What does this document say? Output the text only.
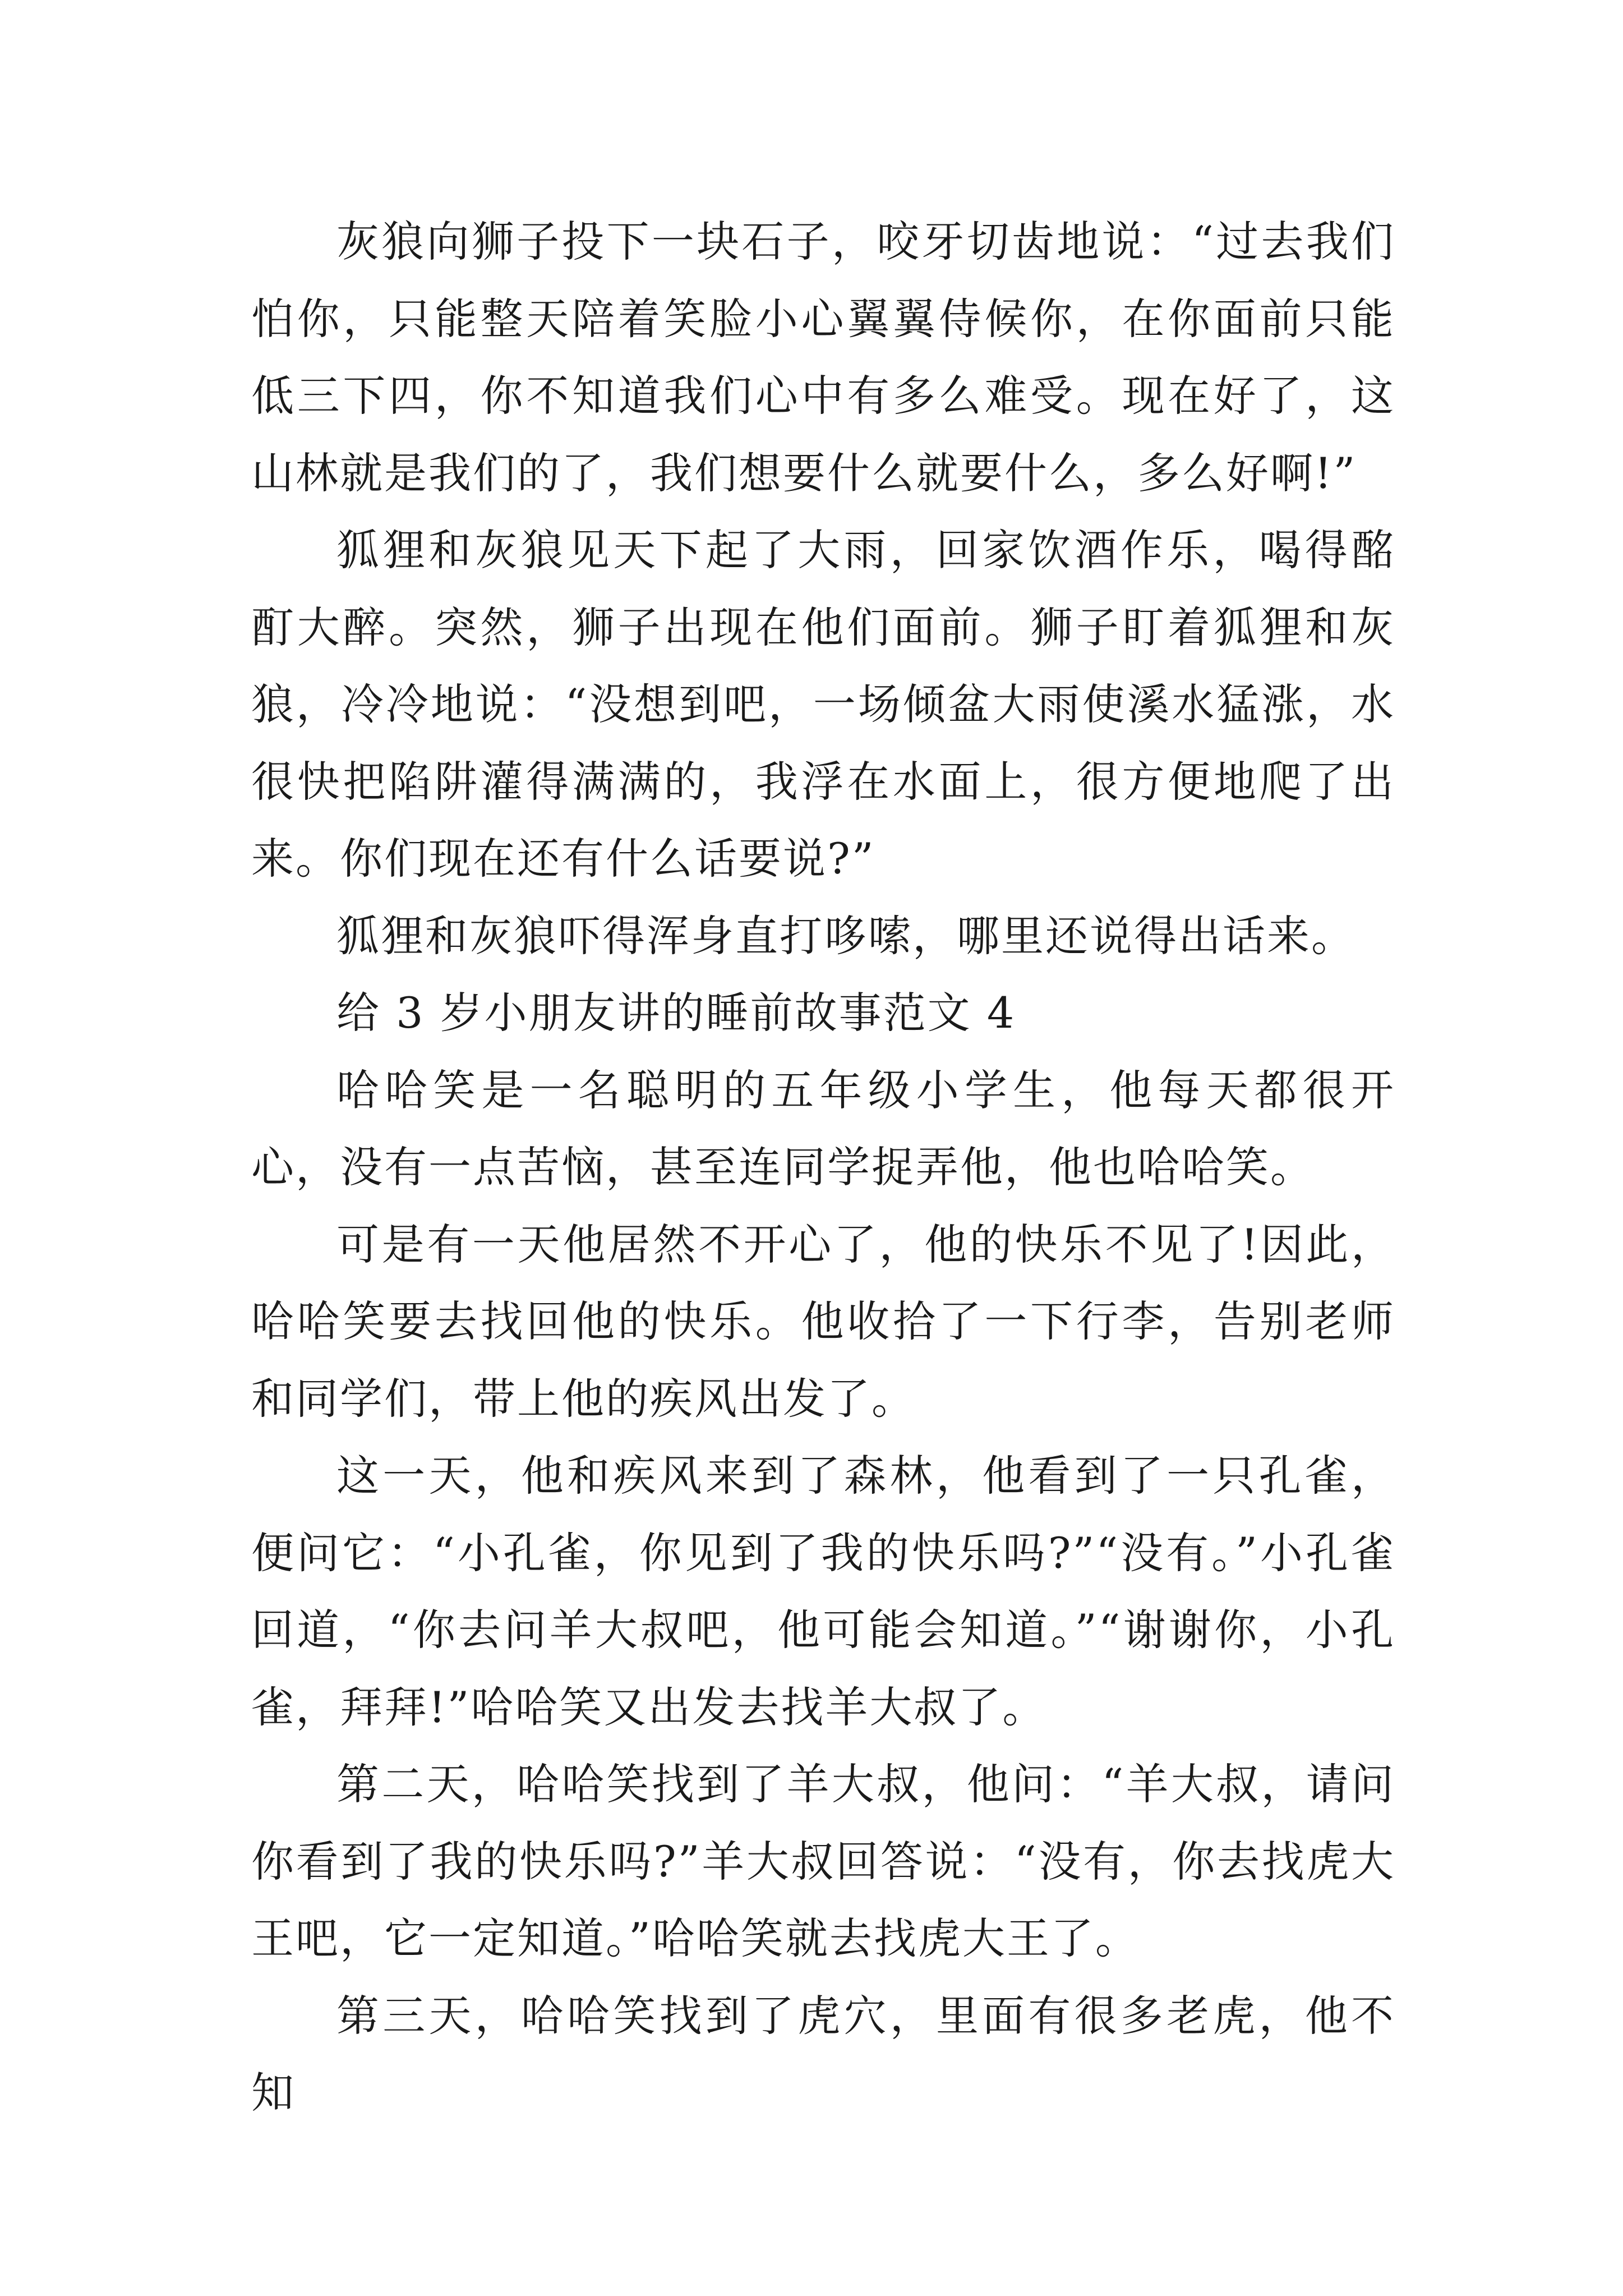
灰狼向狮子投下一块石子，咬牙切齿地说：“过去我们怕你，只能整天陪着笑脸小心翼翼侍候你，在你面前只能低三下四，你不知道我们心中有多么难受。现在好了，这山林就是我们的了，我们想要什么就要什么，多么好啊!”

狐狸和灰狼见天下起了大雨，回家饮酒作乐，喝得酩酊大醉。突然，狮子出现在他们面前。狮子盯着狐狸和灰狼，冷冷地说：“没想到吧，一场倾盆大雨使溪水猛涨，水很快把陷阱灌得满满的，我浮在水面上，很方便地爬了出来。你们现在还有什么话要说?”

狐狸和灰狼吓得浑身直打哆嗦，哪里还说得出话来。

给 3 岁小朋友讲的睡前故事范文 4

哈哈笑是一名聪明的五年级小学生，他每天都很开心，没有一点苦恼，甚至连同学捉弄他，他也哈哈笑。

可是有一天他居然不开心了，他的快乐不见了!因此，哈哈笑要去找回他的快乐。他收拾了一下行李，告别老师和同学们，带上他的疾风出发了。

这一天，他和疾风来到了森林，他看到了一只孔雀，便问它：“小孔雀，你见到了我的快乐吗?”“没有。”小孔雀回道，“你去问羊大叔吧，他可能会知道。”“谢谢你，小孔雀，拜拜!”哈哈笑又出发去找羊大叔了。

第二天，哈哈笑找到了羊大叔，他问：“羊大叔，请问你看到了我的快乐吗?”羊大叔回答说：“没有，你去找虎大王吧，它一定知道。”哈哈笑就去找虎大王了。

第三天，哈哈笑找到了虎穴，里面有很多老虎，他不知
